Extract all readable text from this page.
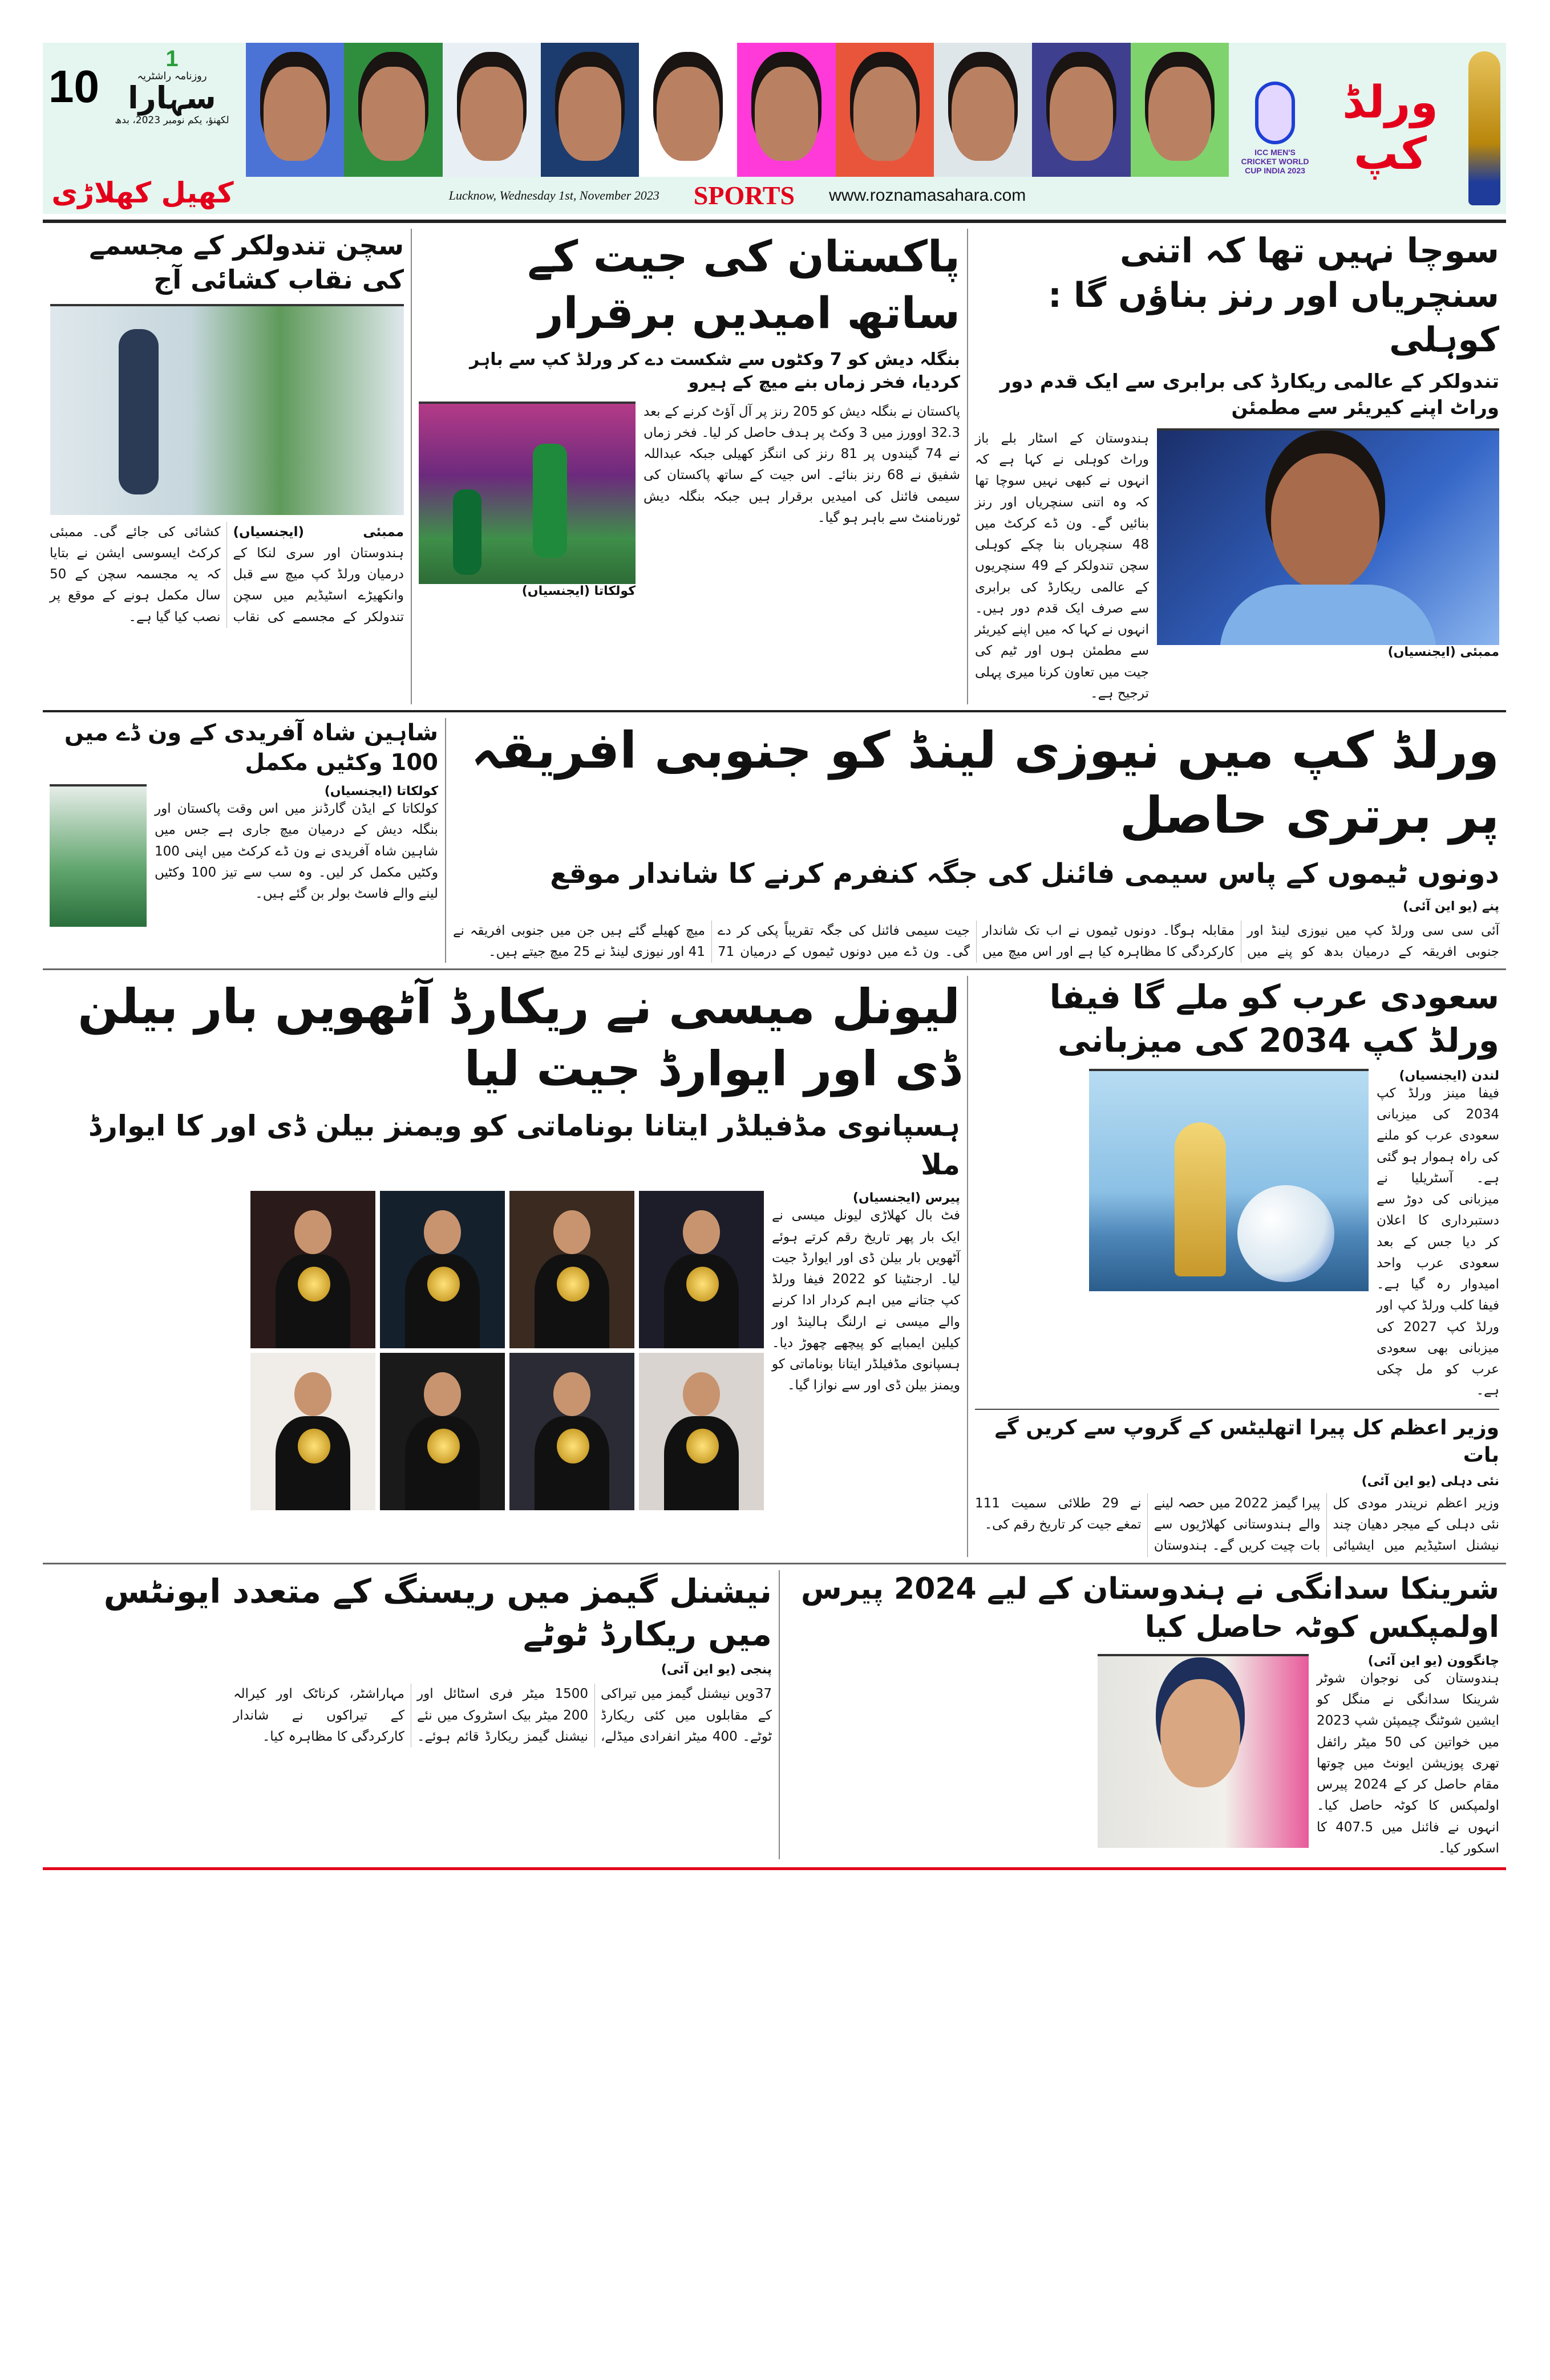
10
1
روزنامہ راشٹریہ
سہارا
لکھنؤ، یکم نومبر 2023، بدھ
کھیل کھلاڑی	Lucknow, Wednesday 1st, November 2023 SPORTS www.roznamasahara.com
ICC MEN'S CRICKET WORLD CUP INDIA 2023
ورلڈ کپ
سوچا نہیں تھا کہ اتنی سنچریاں اور رنز بناؤں گا : کوہلی
تندولکر کے عالمی ریکارڈ کی برابری سے ایک قدم دور وراٹ اپنے کیریئر سے مطمئن
ممبئی (ایجنسیاں)
ہندوستان کے اسٹار بلے باز وراٹ کوہلی نے کہا ہے کہ انہوں نے کبھی نہیں سوچا تھا کہ وہ اتنی سنچریاں اور رنز بنائیں گے۔ ون ڈے کرکٹ میں 48 سنچریاں بنا چکے کوہلی سچن تندولکر کے 49 سنچریوں کے عالمی ریکارڈ کی برابری سے صرف ایک قدم دور ہیں۔ انہوں نے کہا کہ میں اپنے کیریئر سے مطمئن ہوں اور ٹیم کی جیت میں تعاون کرنا میری پہلی ترجیح ہے۔
پاکستان کی جیت کے ساتھ امیدیں برقرار
بنگلہ دیش کو 7 وکٹوں سے شکست دے کر ورلڈ کپ سے باہر کردیا، فخر زماں بنے میچ کے ہیرو
پاکستان نے بنگلہ دیش کو 205 رنز پر آل آؤٹ کرنے کے بعد 32.3 اوورز میں 3 وکٹ پر ہدف حاصل کر لیا۔ فخر زماں نے 74 گیندوں پر 81 رنز کی اننگز کھیلی جبکہ عبداللہ شفیق نے 68 رنز بنائے۔ اس جیت کے ساتھ پاکستان کی سیمی فائنل کی امیدیں برقرار ہیں جبکہ بنگلہ دیش ٹورنامنٹ سے باہر ہو گیا۔
کولکاتا (ایجنسیاں)
سچن تندولکر کے مجسمے کی نقاب کشائی آج
ممبئی (ایجنسیاں) ہندوستان اور سری لنکا کے درمیان ورلڈ کپ میچ سے قبل وانکھیڑے اسٹیڈیم میں سچن تندولکر کے مجسمے کی نقاب کشائی کی جائے گی۔ ممبئی کرکٹ ایسوسی ایشن نے بتایا کہ یہ مجسمہ سچن کے 50 سال مکمل ہونے کے موقع پر نصب کیا گیا ہے۔
ورلڈ کپ میں نیوزی لینڈ کو جنوبی افریقہ پر برتری حاصل
دونوں ٹیموں کے پاس سیمی فائنل کی جگہ کنفرم کرنے کا شاندار موقع
پنے (یو این آئی)
آئی سی سی ورلڈ کپ میں نیوزی لینڈ اور جنوبی افریقہ کے درمیان بدھ کو پنے میں مقابلہ ہوگا۔ دونوں ٹیموں نے اب تک شاندار کارکردگی کا مظاہرہ کیا ہے اور اس میچ میں جیت سیمی فائنل کی جگہ تقریباً پکی کر دے گی۔ ون ڈے میں دونوں ٹیموں کے درمیان 71 میچ کھیلے گئے ہیں جن میں جنوبی افریقہ نے 41 اور نیوزی لینڈ نے 25 میچ جیتے ہیں۔
شاہین شاہ آفریدی کے ون ڈے میں 100 وکٹیں مکمل
کولکاتا (ایجنسیاں)
کولکاتا کے ایڈن گارڈنز میں اس وقت پاکستان اور بنگلہ دیش کے درمیان میچ جاری ہے جس میں شاہین شاہ آفریدی نے ون ڈے کرکٹ میں اپنی 100 وکٹیں مکمل کر لیں۔ وہ سب سے تیز 100 وکٹیں لینے والے فاسٹ بولر بن گئے ہیں۔
سعودی عرب کو ملے گا فیفا ورلڈ کپ 2034 کی میزبانی
لندن (ایجنسیاں)
فیفا مینز ورلڈ کپ 2034 کی میزبانی سعودی عرب کو ملنے کی راہ ہموار ہو گئی ہے۔ آسٹریلیا نے میزبانی کی دوڑ سے دستبرداری کا اعلان کر دیا جس کے بعد سعودی عرب واحد امیدوار رہ گیا ہے۔ فیفا کلب ورلڈ کپ اور ورلڈ کپ 2027 کی میزبانی بھی سعودی عرب کو مل چکی ہے۔
وزیر اعظم کل پیرا اتھلیٹس کے گروپ سے کریں گے بات
نئی دہلی (یو این آئی)
وزیر اعظم نریندر مودی کل نئی دہلی کے میجر دھیان چند نیشنل اسٹیڈیم میں ایشیائی پیرا گیمز 2022 میں حصہ لینے والے ہندوستانی کھلاڑیوں سے بات چیت کریں گے۔ ہندوستان نے 29 طلائی سمیت 111 تمغے جیت کر تاریخ رقم کی۔
لیونل میسی نے ریکارڈ آٹھویں بار بیلن ڈی اور ایوارڈ جیت لیا
ہسپانوی مڈفیلڈر ایتانا بوناماتی کو ویمنز بیلن ڈی اور کا ایوارڈ ملا
پیرس (ایجنسیاں)
فٹ بال کھلاڑی لیونل میسی نے ایک بار پھر تاریخ رقم کرتے ہوئے آٹھویں بار بیلن ڈی اور ایوارڈ جیت لیا۔ ارجنٹینا کو 2022 فیفا ورلڈ کپ جتانے میں اہم کردار ادا کرنے والے میسی نے ارلنگ ہالینڈ اور کیلین ایمباپے کو پیچھے چھوڑ دیا۔ ہسپانوی مڈفیلڈر ایتانا بوناماتی کو ویمنز بیلن ڈی اور سے نوازا گیا۔
شرینکا سدانگی نے ہندوستان کے لیے 2024 پیرس اولمپکس کوٹہ حاصل کیا
چانگوون (یو این آئی)
ہندوستان کی نوجوان شوٹر شرینکا سدانگی نے منگل کو ایشین شوٹنگ چیمپئن شپ 2023 میں خواتین کی 50 میٹر رائفل تھری پوزیشن ایونٹ میں چوتھا مقام حاصل کر کے 2024 پیرس اولمپکس کا کوٹہ حاصل کیا۔ انہوں نے فائنل میں 407.5 کا اسکور کیا۔
نیشنل گیمز میں ریسنگ کے متعدد ایونٹس میں ریکارڈ ٹوٹے
پنجی (یو این آئی)
37ویں نیشنل گیمز میں تیراکی کے مقابلوں میں کئی ریکارڈ ٹوٹے۔ 400 میٹر انفرادی میڈلے، 1500 میٹر فری اسٹائل اور 200 میٹر بیک اسٹروک میں نئے نیشنل گیمز ریکارڈ قائم ہوئے۔ مہاراشٹر، کرناٹک اور کیرالہ کے تیراکوں نے شاندار کارکردگی کا مظاہرہ کیا۔
